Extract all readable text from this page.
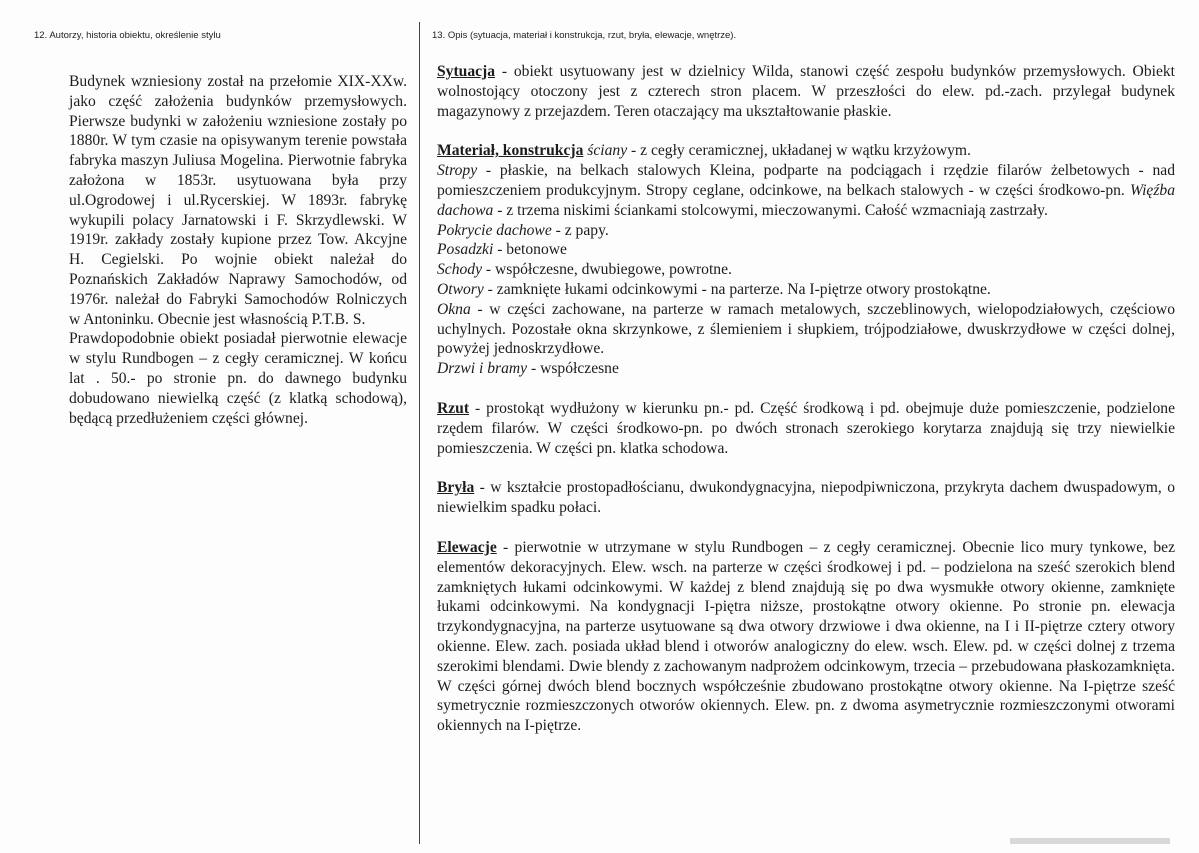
12. Autorzy, historia obiektu, określenie stylu	13. Opis (sytuacja, materiał i konstrukcja, rzut, bryła, elewacje, wnętrze).

Budynek wzniesiony został na przełomie XIX-XXw. jako część założenia budynków przemysłowych. Pierwsze budynki w założeniu wzniesione zostały po 1880r. W tym czasie na opisywanym terenie powstała fabryka maszyn Juliusa Mogelina. Pierwotnie fabryka założona w 1853r. usytuowana była przy ul.Ogrodowej i ul.Rycerskiej. W 1893r. fabrykę wykupili polacy Jarnatowski i F. Skrzydlewski. W 1919r. zakłady zostały kupione przez Tow. Akcyjne H. Cegielski. Po wojnie obiekt należał do Poznańskich Zakładów Naprawy Samochodów, od 1976r. należał do Fabryki Samochodów Rolniczych w Antoninku. Obecnie jest własnością P.T.B. S.

Prawdopodobnie obiekt posiadał pierwotnie elewacje w stylu Rundbogen – z cegły ceramicznej. W końcu lat . 50.- po stronie pn. do dawnego budynku dobudowano niewielką część (z klatką schodową), będącą przedłużeniem części głównej.

Sytuacja - obiekt usytuowany jest w dzielnicy Wilda, stanowi część zespołu budynków przemysłowych. Obiekt wolnostojący otoczony jest z czterech stron placem. W przeszłości do elew. pd.-zach. przylegał budynek magazynowy z przejazdem. Teren otaczający ma ukształtowanie płaskie.
Materiał, konstrukcja ściany - z cegły ceramicznej, układanej w wątku krzyżowym.
Stropy - płaskie, na belkach stalowych Kleina, podparte na podciągach i rzędzie filarów żelbetowych - nad pomieszczeniem produkcyjnym. Stropy ceglane, odcinkowe, na belkach stalowych - w części środkowo-pn. Więźba dachowa - z trzema niskimi ściankami stolcowymi, mieczowanymi. Całość wzmacniają zastrzały.
Pokrycie dachowe - z papy.
Posadzki - betonowe
Schody - współczesne, dwubiegowe, powrotne.
Otwory - zamknięte łukami odcinkowymi - na parterze. Na I-piętrze otwory prostokątne.
Okna - w części zachowane, na parterze w ramach metalowych, szczeblinowych, wielopodziałowych, częściowo uchylnych. Pozostałe okna skrzynkowe, z ślemieniem i słupkiem, trójpodziałowe, dwuskrzydłowe w części dolnej, powyżej jednoskrzydłowe.
Drzwi i bramy - współczesne
Rzut - prostokąt wydłużony w kierunku pn.- pd. Część środkową i pd. obejmuje duże pomieszczenie, podzielone rzędem filarów. W części środkowo-pn. po dwóch stronach szerokiego korytarza znajdują się trzy niewielkie pomieszczenia. W części pn. klatka schodowa.
Bryła - w kształcie prostopadłościanu, dwukondygnacyjna, niepodpiwniczona, przykryta dachem dwuspadowym, o niewielkim spadku połaci.
Elewacje - pierwotnie w utrzymane w stylu Rundbogen – z cegły ceramicznej. Obecnie lico mury tynkowe, bez elementów dekoracyjnych. Elew. wsch. na parterze w części środkowej i pd. – podzielona na sześć szerokich blend zamkniętych łukami odcinkowymi. W każdej z blend znajdują się po dwa wysmukłe otwory okienne, zamknięte łukami odcinkowymi. Na kondygnacji I-piętra niższe, prostokątne otwory okienne. Po stronie pn. elewacja trzykondygnacyjna, na parterze usytuowane są dwa otwory drzwiowe i dwa okienne, na I i II-piętrze cztery otwory okienne. Elew. zach. posiada układ blend i otworów analogiczny do elew. wsch. Elew. pd. w części dolnej z trzema szerokimi blendami. Dwie blendy z zachowanym nadprożem odcinkowym, trzecia – przebudowana płaskozamknięta. W części górnej dwóch blend bocznych współcześnie zbudowano prostokątne otwory okienne. Na I-piętrze sześć symetrycznie rozmieszczonych otworów okiennych. Elew. pn. z dwoma asymetrycznie rozmieszczonymi otworami okiennych na I-piętrze.
